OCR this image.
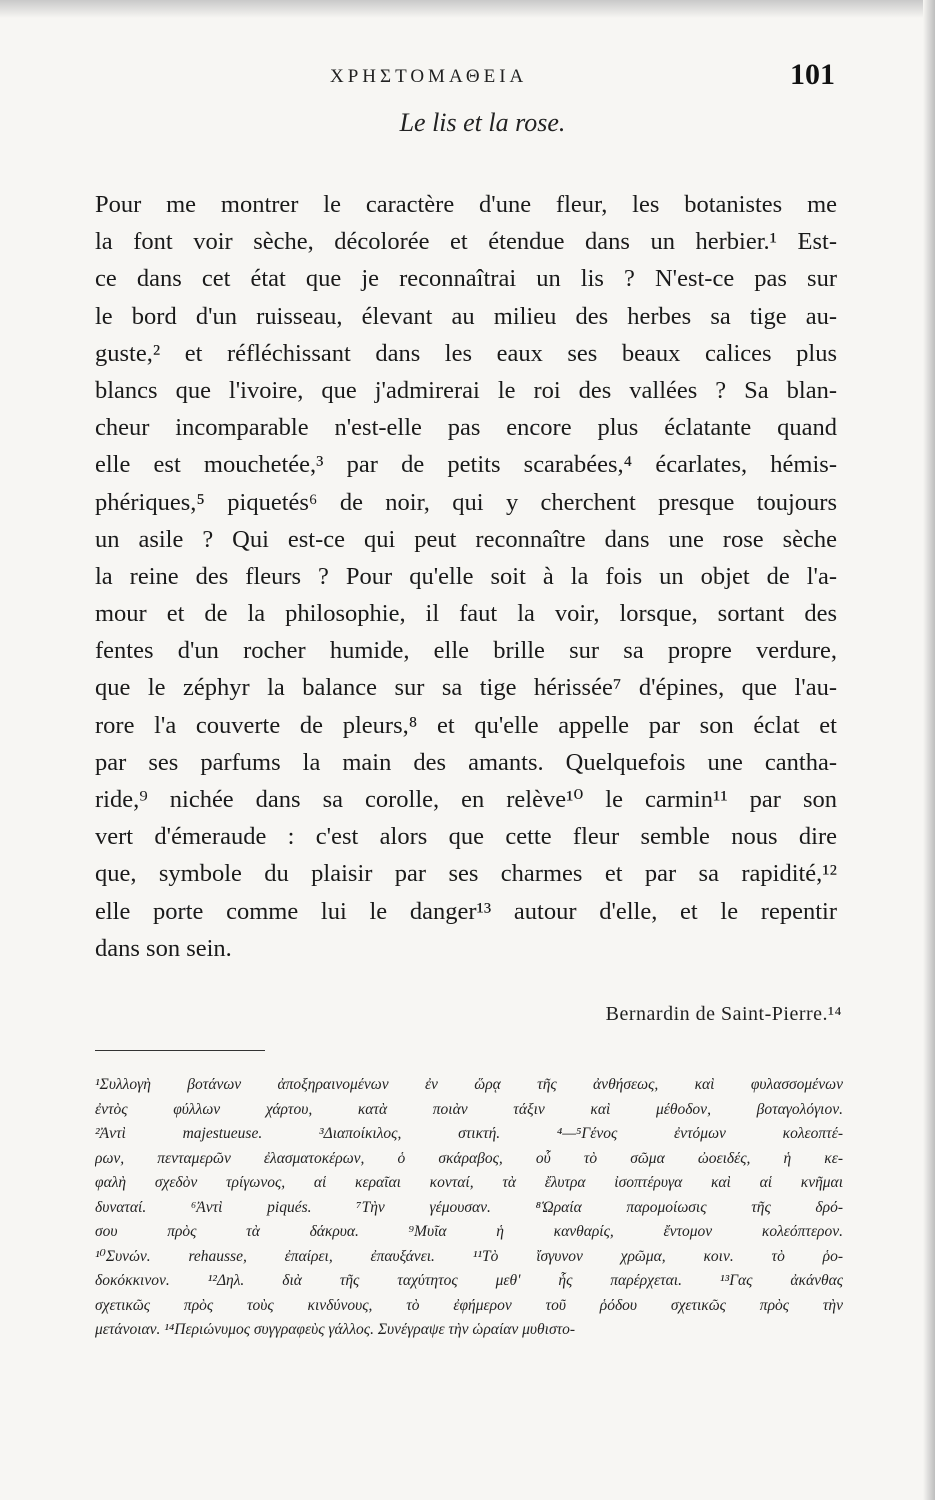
ΧΡΗΣΤΟΜΑΘΕΙΑ	101
Le lis et la rose.
Pour me montrer le caractère d'une fleur, les botanistes me
la font voir sèche, décolorée et étendue dans un herbier.¹ Est-
ce dans cet état que je reconnaîtrai un lis ? N'est-ce pas sur
le bord d'un ruisseau, élevant au milieu des herbes sa tige au-
guste,² et réfléchissant dans les eaux ses beaux calices plus
blancs que l'ivoire, que j'admirerai le roi des vallées ? Sa blan-
cheur incomparable n'est-elle pas encore plus éclatante quand
elle est mouchetée,³ par de petits scarabées,⁴ écarlates, hémis-
phériques,⁵ piquetés⁶ de noir, qui y cherchent presque toujours
un asile ? Qui est-ce qui peut reconnaître dans une rose sèche
la reine des fleurs ? Pour qu'elle soit à la fois un objet de l'a-
mour et de la philosophie, il faut la voir, lorsque, sortant des
fentes d'un rocher humide, elle brille sur sa propre verdure,
que le zéphyr la balance sur sa tige hérissée⁷ d'épines, que l'au-
rore l'a couverte de pleurs,⁸ et qu'elle appelle par son éclat et
par ses parfums la main des amants. Quelquefois une cantha-
ride,⁹ nichée dans sa corolle, en relève¹⁰ le carmin¹¹ par son
vert d'émeraude : c'est alors que cette fleur semble nous dire
que, symbole du plaisir par ses charmes et par sa rapidité,¹²
elle porte comme lui le danger¹³ autour d'elle, et le repentir
dans son sein.
Bernardin de Saint-Pierre.¹⁴
¹Συλλογὴ βοτάνων ἀποξηραινομένων ἐν ὥρᾳ τῆς ἀνθήσεως, καὶ φυλασσομένων
ἐντὸς φύλλων χάρτου, κατὰ ποιὰν τάξιν καὶ μέθοδον, βοταγολόγιον.
²Ἀντὶ majestueuse. ³Διαποίκιλος, στικτή. ⁴—⁵Γένος ἐντόμων κολεοπτέ-
ρων, πενταμερῶν ἐλασματοκέρων, ὁ σκάραβος, οὗ τὸ σῶμα ὠοειδές, ἡ κε-
φαλὴ σχεδὸν τρίγωνος, αἱ κεραῖαι κονταί, τὰ ἔλυτρα ἰσοπτέρυγα καὶ αἱ κνῆμαι
δυναταί. ⁶Ἀντὶ piqués. ⁷Τὴν γέμουσαν. ⁸Ὡραία παρομοίωσις τῆς δρό-
σου πρὸς τὰ δάκρυα. ⁹Μυῖα ἡ κανθαρίς, ἔντομον κολεόπτερον.
¹⁰Συνών. rehausse, ἐπαίρει, ἐπαυξάνει. ¹¹Τὸ ἴσγυνον χρῶμα, κοιν. τὸ ῥο-
δοκόκκινον. ¹²Δηλ. διὰ τῆς ταχύτητος μεθ' ἧς παρέρχεται. ¹³Γας ἀκάνθας
σχετικῶς πρὸς τοὺς κινδύνους, τὸ ἐφήμερον τοῦ ῥόδου σχετικῶς πρὸς τὴν
μετάνοιαν. ¹⁴Περιώνυμος συγγραφεὺς γάλλος. Συνέγραψε τὴν ὡραίαν μυθιστο-
